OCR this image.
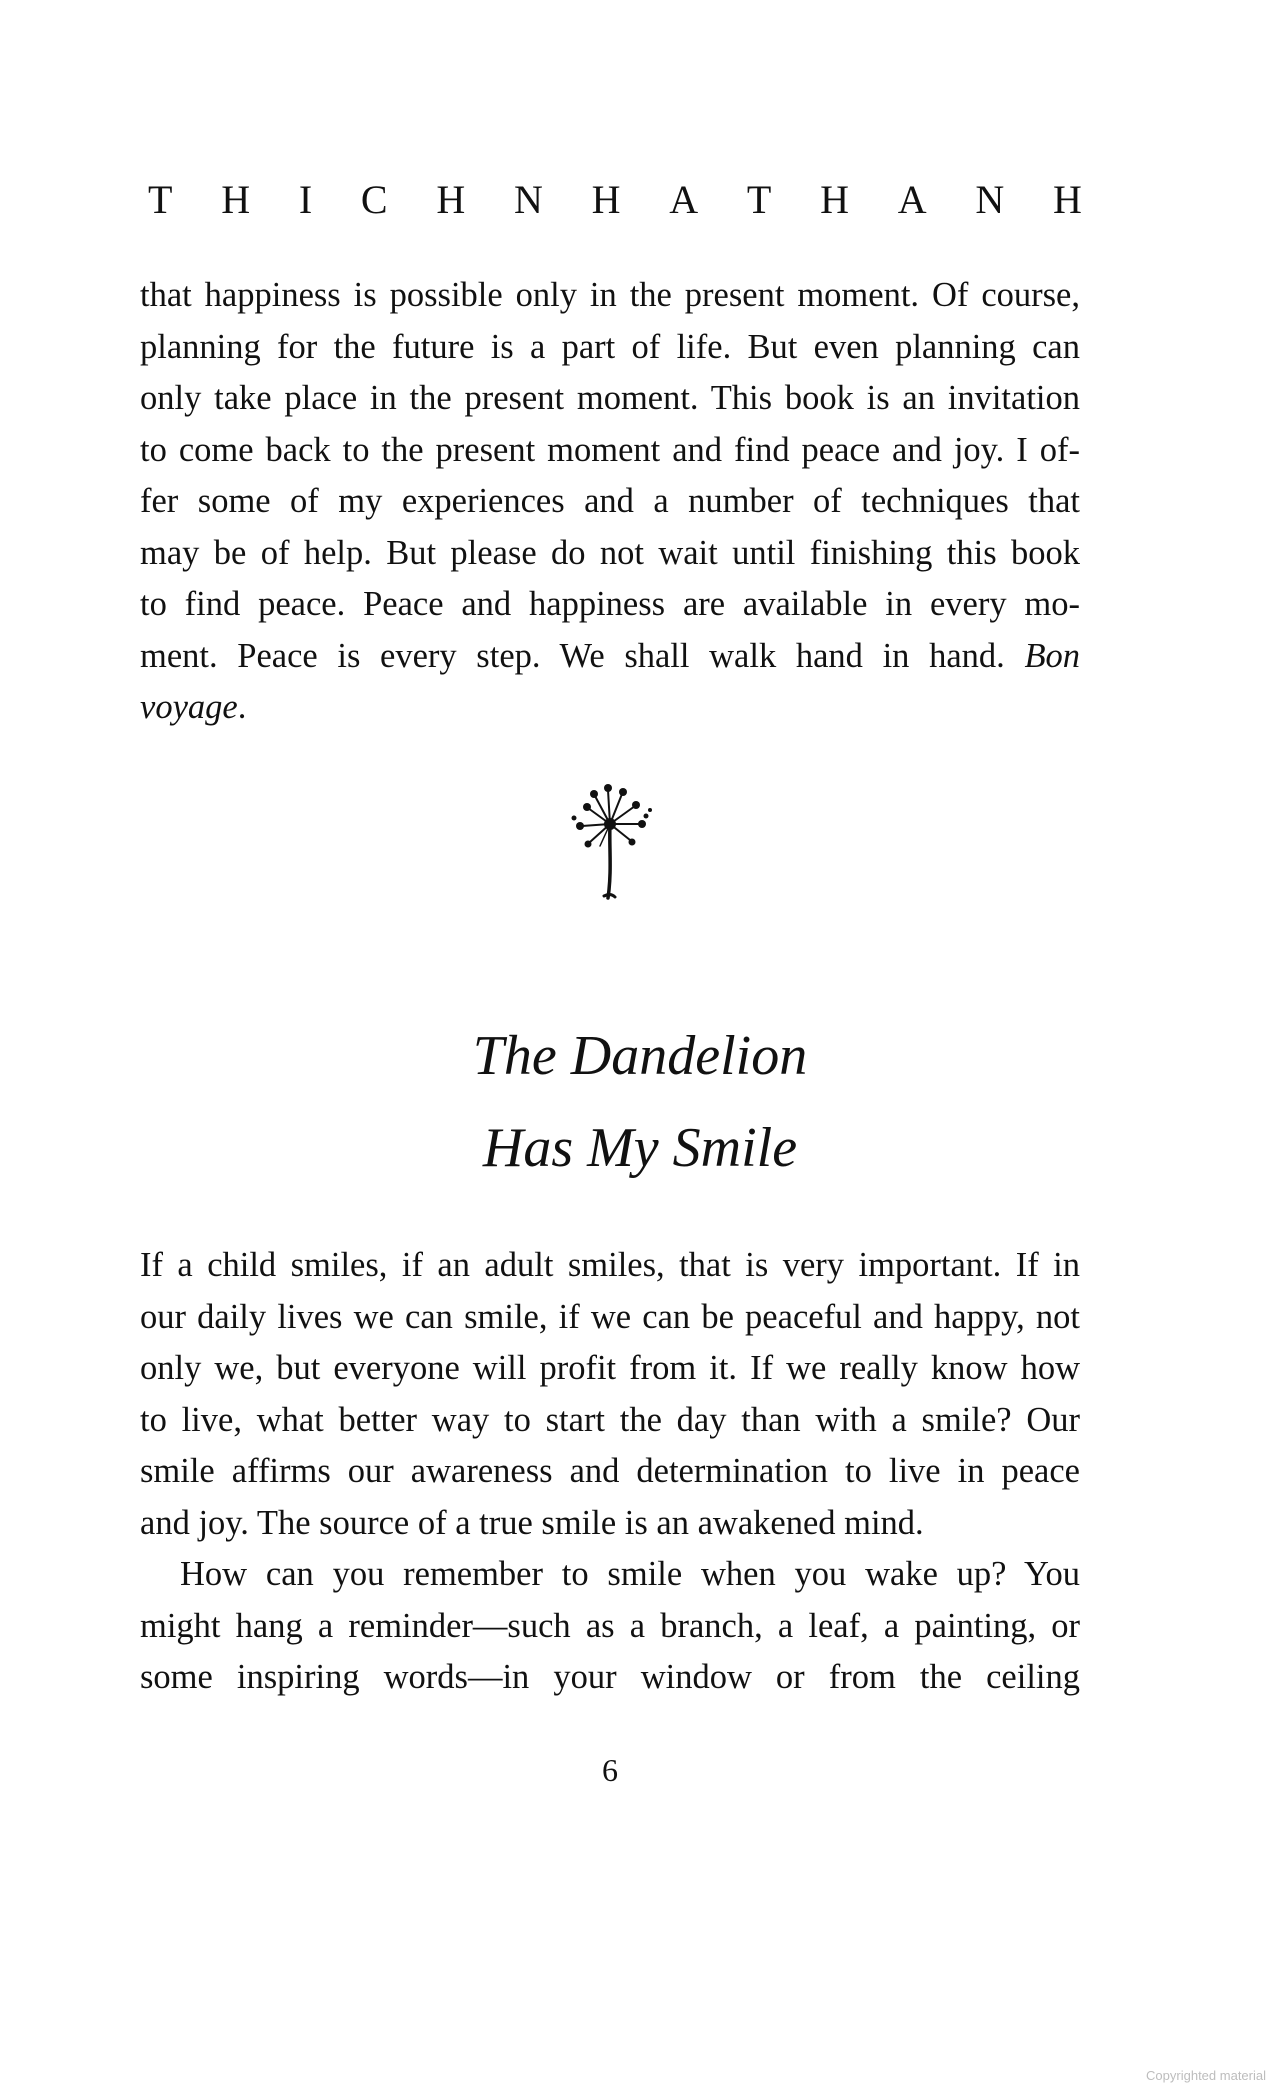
T H I C H N H A T H A N H
that happiness is possible only in the present moment. Of course,
planning for the future is a part of life. But even planning can
only take place in the present moment. This book is an invitation
to come back to the present moment and find peace and joy. I of-
fer some of my experiences and a number of techniques that
may be of help. But please do not wait until finishing this book
to find peace. Peace and happiness are available in every mo-
ment. Peace is every step. We shall walk hand in hand. Bon
voyage.
The Dandelion
Has My Smile
If a child smiles, if an adult smiles, that is very important. If in
our daily lives we can smile, if we can be peaceful and happy, not
only we, but everyone will profit from it. If we really know how
to live, what better way to start the day than with a smile? Our
smile affirms our awareness and determination to live in peace
and joy. The source of a true smile is an awakened mind.
How can you remember to smile when you wake up? You
might hang a reminder—such as a branch, a leaf, a painting, or
some inspiring words—in your window or from the ceiling
6
Copyrighted material
